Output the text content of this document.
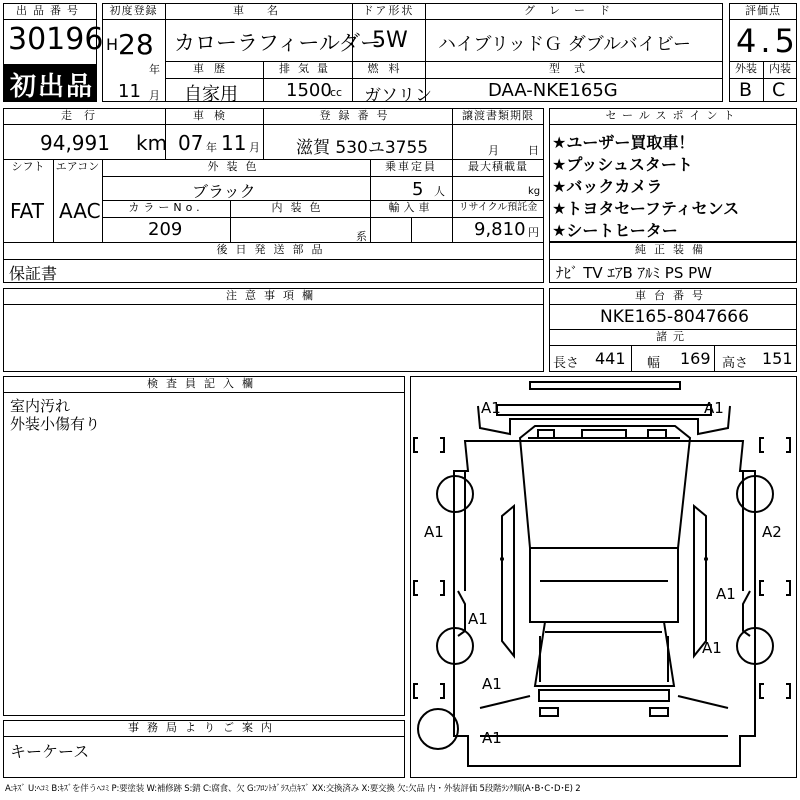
出品番号
30196
初出品
初度登録
H 28
年
11 月
車　名
カローラフィールダー
ドア形状
5W
グレード
ハイブリッドＧ ダブルバイビー
車歴
自家用
排気量
1500
cc
燃料
ガソリン
型式
DAA-NKE165G
評価点
4.5
外装	内装
B C
走行
94,991 km
車検
07 年 11 月
登録番号
滋賀 530ユ3755
譲渡書類期限
月	日
シフト
FAT
エアコン
AAC
外装色
ブラック
乗車定員
5 人
最大積載量
kg
カラーNo.
209
内装色
系
輸入車	リサイクル預託金
9,810 円
後日発送部品
保証書
セールスポイント
★ユーザー買取車！
★プッシュスタート
★バックカメラ
★トヨタセーフティセンス
★シートヒーター
純正装備
ﾅﾋﾞ TV ｴｱB ｱﾙﾐ PS PW
注意事項欄	車台番号
NKE165-8047666
諸元
長さ 441 幅 169 高さ 151
検査員記入欄
室内汚れ
外装小傷有り
事務局よりご案内
キーケース
A1	A1
A1	A2
A1
A1
A1
A1
A1
A:ｷｽﾞ U:ﾍｺﾐ B:ｷｽﾞを伴うﾍｺﾐ P:要塗装 W:補修跡 S:錆 C:腐食、欠 G:ﾌﾛﾝﾄｶﾞﾗｽ点ｷｽﾞ XX:交換済み X:要交換 欠:欠品 内・外装評価 5段階ﾗﾝｸ順(A･B･C･D･E) 2
